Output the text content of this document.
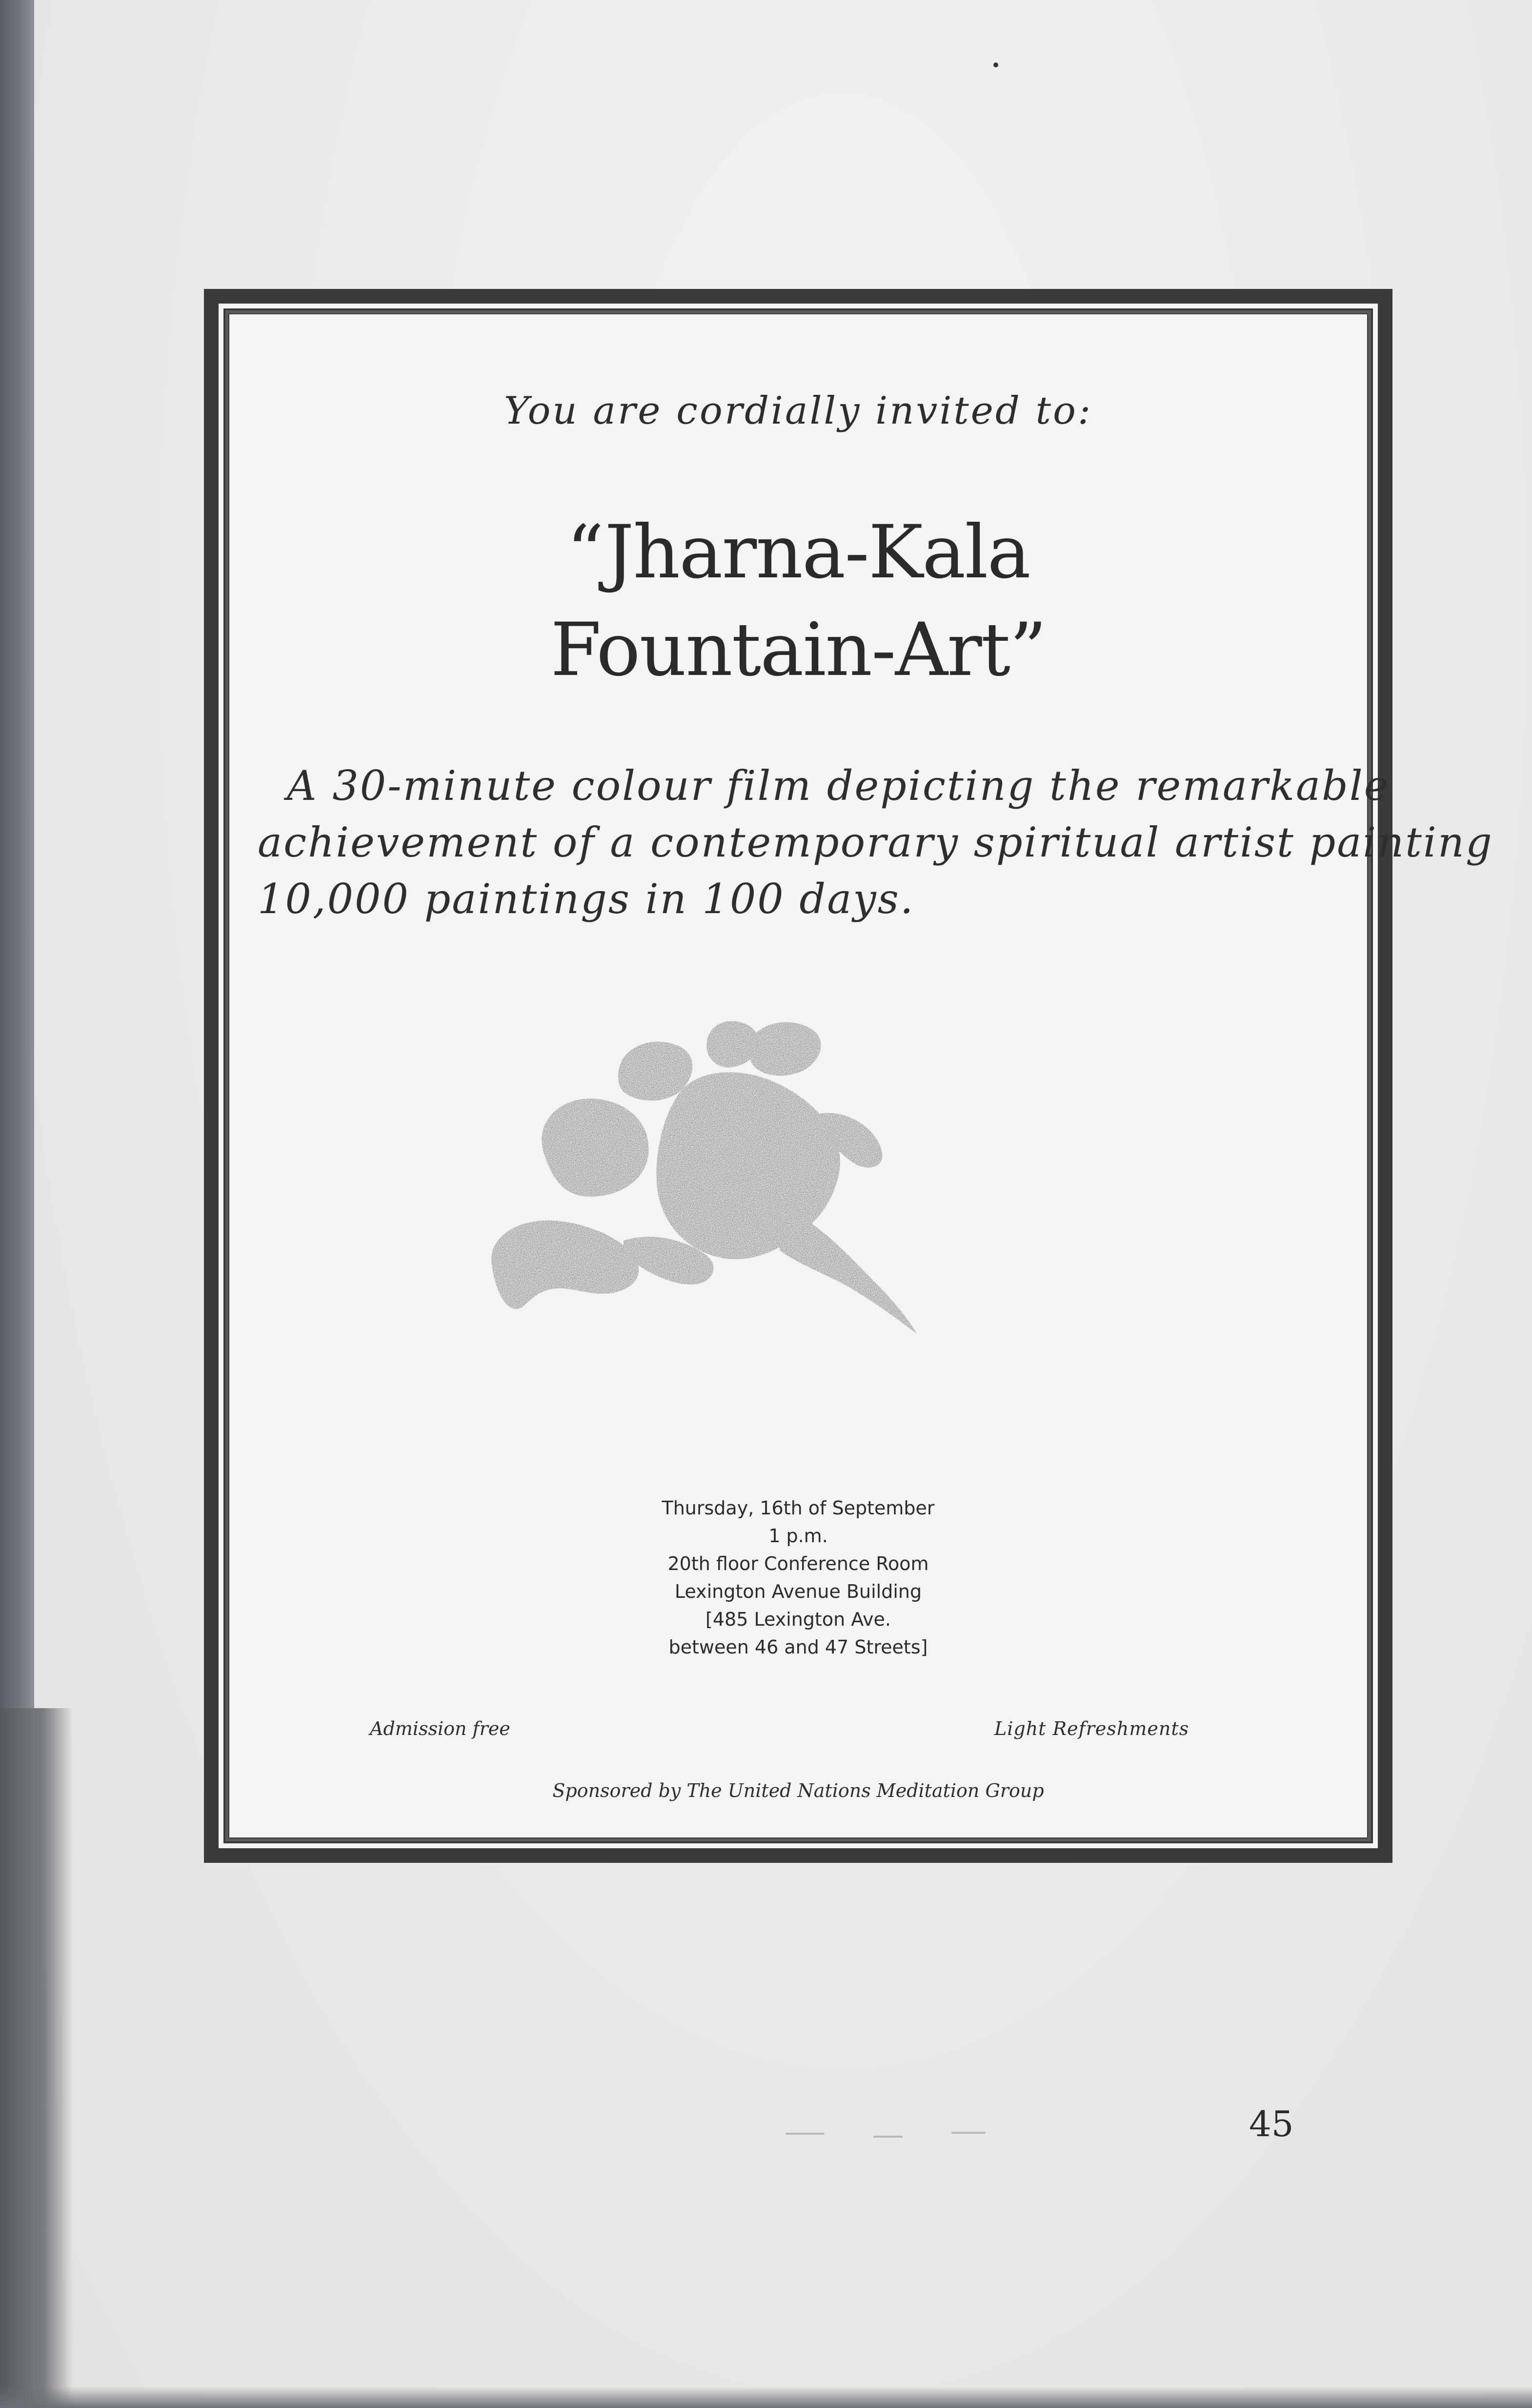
You are cordially invited to:
“Jharna-Kala
Fountain-Art”
A 30-minute colour film depicting the remarkable
achievement of a contemporary spiritual artist painting
10,000 paintings in 100 days.
Thursday, 16th of September
1 p.m.
20th floor Conference Room
Lexington Avenue Building
[485 Lexington Ave.
between 46 and 47 Streets]
Admission free	Light Refreshments
Sponsored by The United Nations Meditation Group
45
